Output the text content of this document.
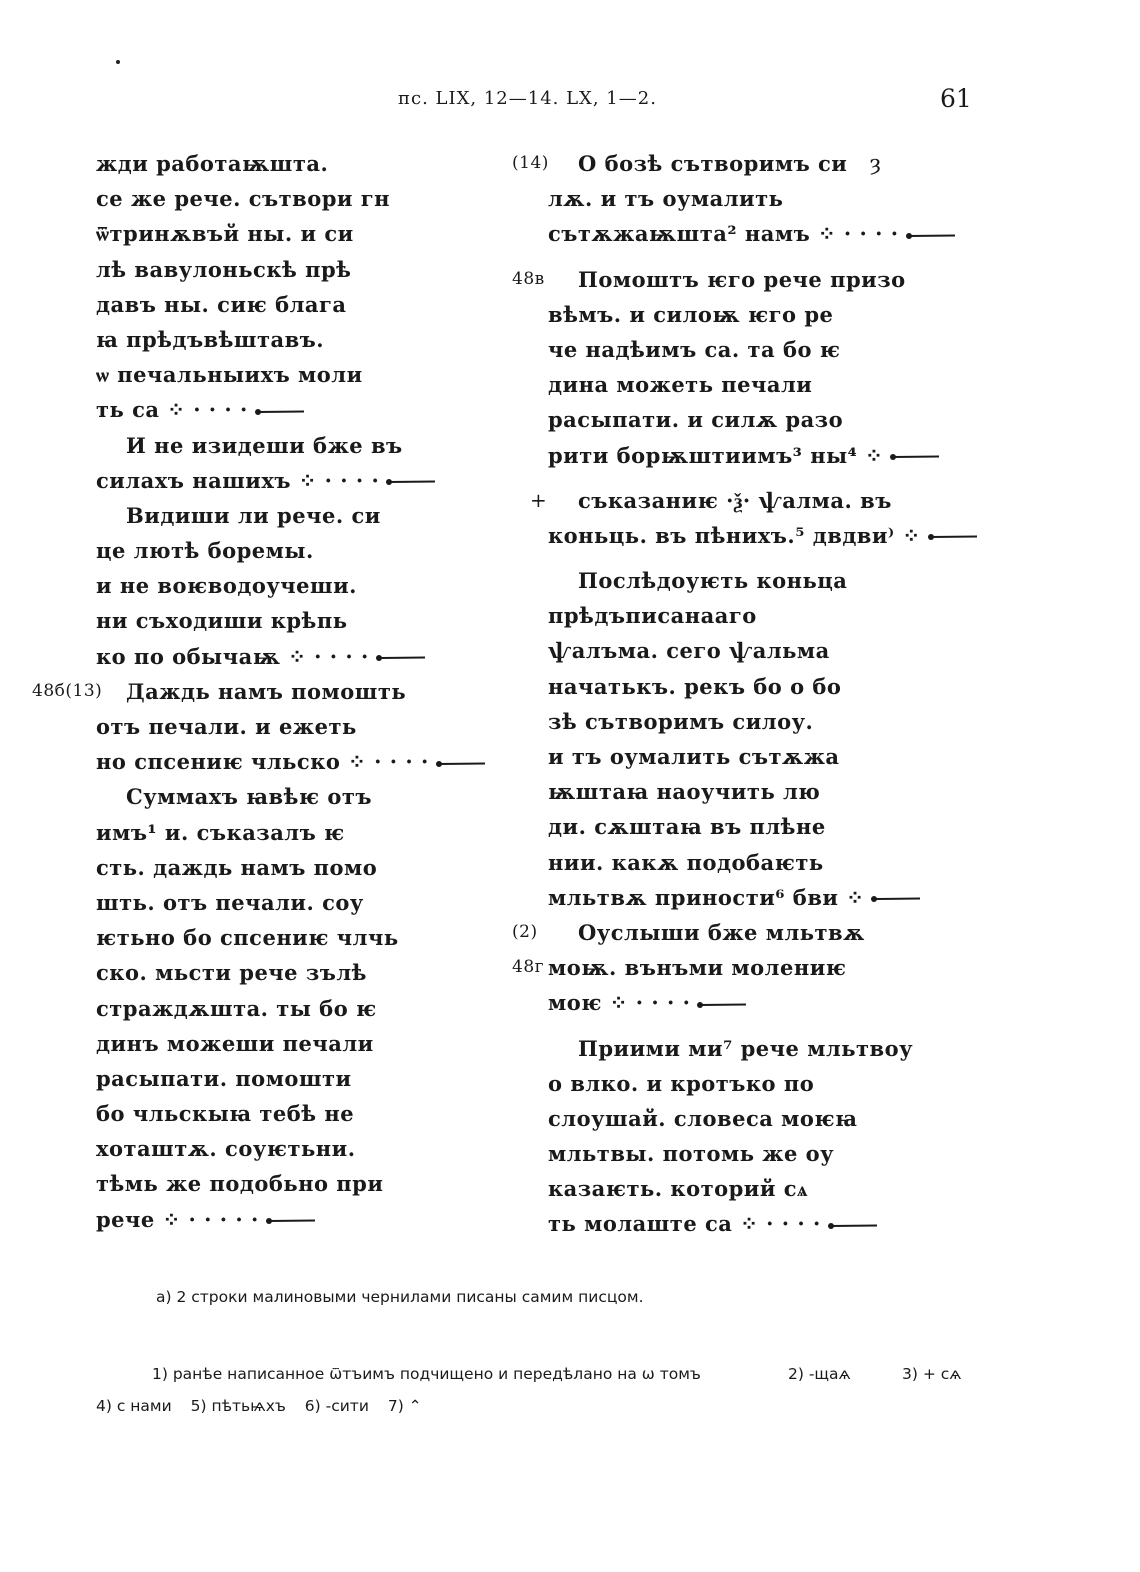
пс. LIX, 12—14. LX, 1—2.	61
жди работаѭшта.
се же рече. сътвори гн
ѿтринѫвъй ны. и си
лѣ вавулоньскѣ прѣ
давъ ны. сиѥ блага
ꙗ прѣдъвѣштавъ.
ѡ печальныихъ моли
ть са ⁘ · · · ·
И не изидеши бже въ
силахъ нашихъ ⁘ · · · ·
Видиши ли рече. си
це лютѣ боремы.
и не воѥводоучеши.
ни съходиши крѣпь
ко по обычаѭ ⁘ · · · ·
48б(13) Даждь намъ помошть
отъ печали. и ежеть
но спсениѥ чльско ⁘ · · · ·
Суммахъ ꙗвѣѥ отъ
имъ¹ и. съказалъ ѥ
сть. даждь намъ помо
шть. отъ печали. соу
ѥтьно бо спсениѥ члчь
ско. мьсти рече зълѣ
страждѫшта. ты бо ѥ
динъ можеши печали
расыпати. помошти
бо чльскыꙗ тебѣ не
хоташтѫ. соуѥтьни.
тѣмь же подобьно при
рече ⁘ · · · · ·
(14) О бозѣ сътворимъ си ȝ
лѫ. и тъ оумалить
сътѫжаѭшта² намъ ⁘ · · · ·
48в Помоштъ ѥго рече призо
вѣмъ. и силоѭ ѥго ре
че надѣимъ са. та бо ѥ
дина можеть печали
расыпати. и силѫ разо
рити борѭштиимъ³ ны⁴ ⁘
+ съказаниѥ ·ѯ· ѱалма. въ
коньць. въ пѣнихъ.⁵ двдви⁾ ⁘
Послѣдоуѥть коньца
прѣдъписанааго
ѱалъма. сего ѱальма
начатькъ. рекъ бо о бо
зѣ сътворимъ силоу.
и тъ оумалить сътѫжа
ѭштаꙗ наоучить лю
ди. сѫштаꙗ въ плѣне
нии. какѫ подобаѥть
мльтвѫ приности⁶ бви ⁘
(2) Оуслыши бже мльтвѫ
48г моѭ. вънъми молениѥ
моѥ ⁘ · · · ·
Приими ми⁷ рече мльтвоу
о влко. и кротъко по
слоушай. словеса моѥꙗ
мльтвы. потомь же оу
казаѥть. которий сѧ
ть молаште са ⁘ · · · ·
а) 2 строки малиновыми чернилами писаны самим писцом.
1) ранѣе написанное ѿтъимъ подчищено и передѣлано на ѡ томъ	2) -щаѧ	3) + сѧ
4) с нами 5) пѣтьѩхъ 6) -сити 7) ⌃
